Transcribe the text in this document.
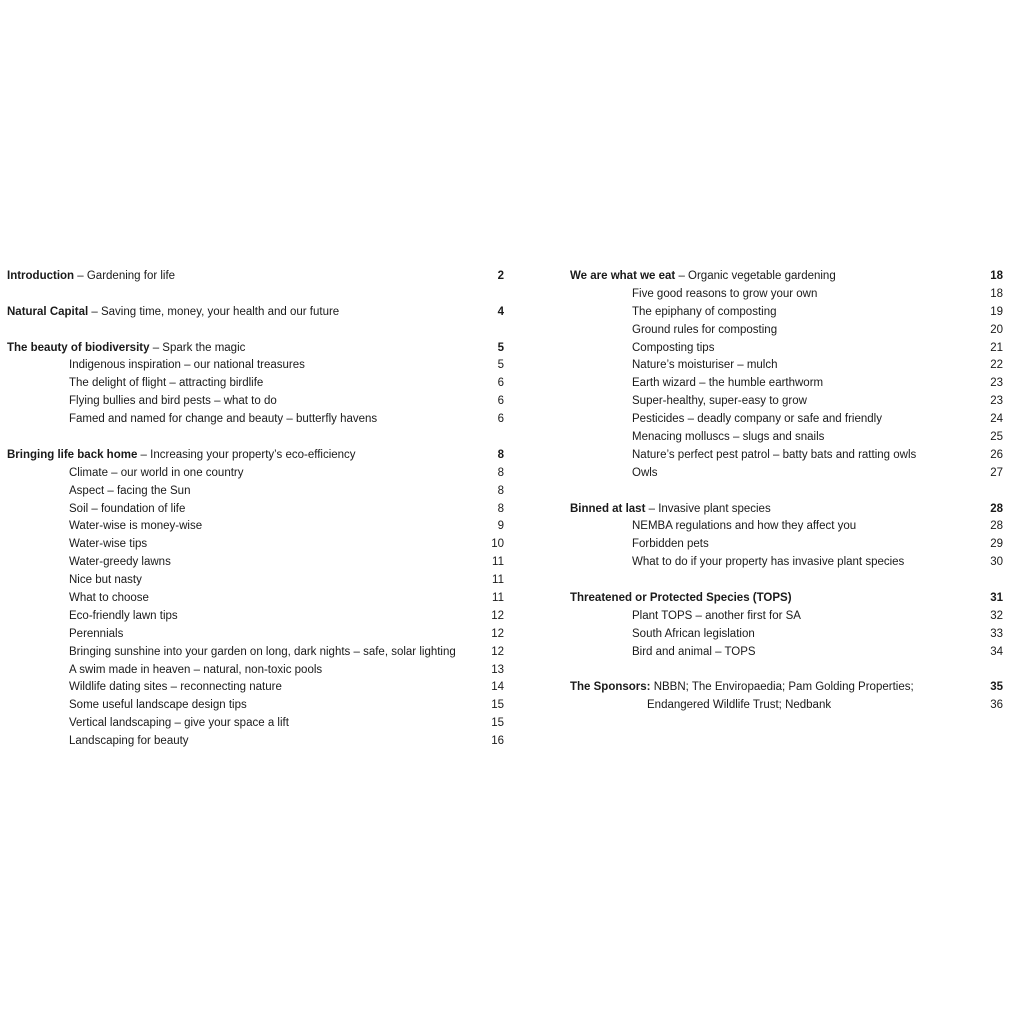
Introduction – Gardening for life	2
Natural Capital – Saving time, money, your health and our future	4
The beauty of biodiversity – Spark the magic	5
Indigenous inspiration – our national treasures	5
The delight of flight – attracting birdlife	6
Flying bullies and bird pests – what to do	6
Famed and named for change and beauty – butterfly havens	6
Bringing life back home – Increasing your property’s eco-efficiency	8
Climate – our world in one country	8
Aspect – facing the Sun	8
Soil – foundation of life	8
Water-wise is money-wise	9
Water-wise tips	10
Water-greedy lawns	11
Nice but nasty	11
What to choose	11
Eco-friendly lawn tips	12
Perennials	12
Bringing sunshine into your garden on long, dark nights – safe, solar lighting	12
A swim made in heaven – natural, non-toxic pools	13
Wildlife dating sites – reconnecting nature	14
Some useful landscape design tips	15
Vertical landscaping – give your space a lift	15
Landscaping for beauty	16
We are what we eat – Organic vegetable gardening	18
Five good reasons to grow your own	18
The epiphany of composting	19
Ground rules for composting	20
Composting tips	21
Nature’s moisturiser – mulch	22
Earth wizard – the humble earthworm	23
Super-healthy, super-easy to grow	23
Pesticides – deadly company or safe and friendly	24
Menacing molluscs – slugs and snails	25
Nature’s perfect pest patrol – batty bats and ratting owls	26
Owls	27
Binned at last – Invasive plant species	28
NEMBA regulations and how they affect you	28
Forbidden pets	29
What to do if your property has invasive plant species	30
Threatened or Protected Species (TOPS)	31
Plant TOPS – another first for SA	32
South African legislation	33
Bird and animal – TOPS	34
The Sponsors: NBBN; The Enviropaedia; Pam Golding Properties;	35
Endangered Wildlife Trust; Nedbank	36
